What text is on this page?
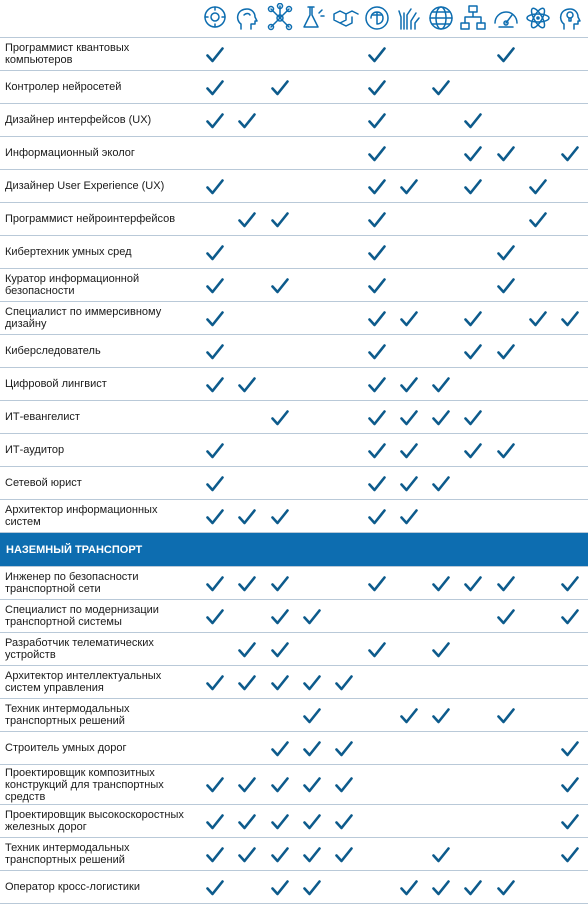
Программист квантовых
компьютеров
Контролер нейросетей
Дизайнер интерфейсов (UX)
Информационный эколог
Дизайнер User Experience (UX)
Программист нейроинтерфейсов
Кибертехник умных сред
Куратор информационной
безопасности
Специалист по иммерсивному
дизайну
Киберследователь
Цифровой лингвист
ИТ-евангелист
ИТ-аудитор
Сетевой юрист
Архитектор информационных
систем
НАЗЕМНЫЙ ТРАНСПОРТ
Инженер по безопасности
транспортной сети
Специалист по модернизации
транспортной системы
Разработчик телематических
устройств
Архитектор интеллектуальных
систем управления
Техник интермодальных
транспортных решений
Строитель умных дорог
Проектировщик композитных
конструкций для транспортных
средств
Проектировщик высокоскоростных
железных дорог
Техник интермодальных
транспортных решений
Оператор кросс-логистики
